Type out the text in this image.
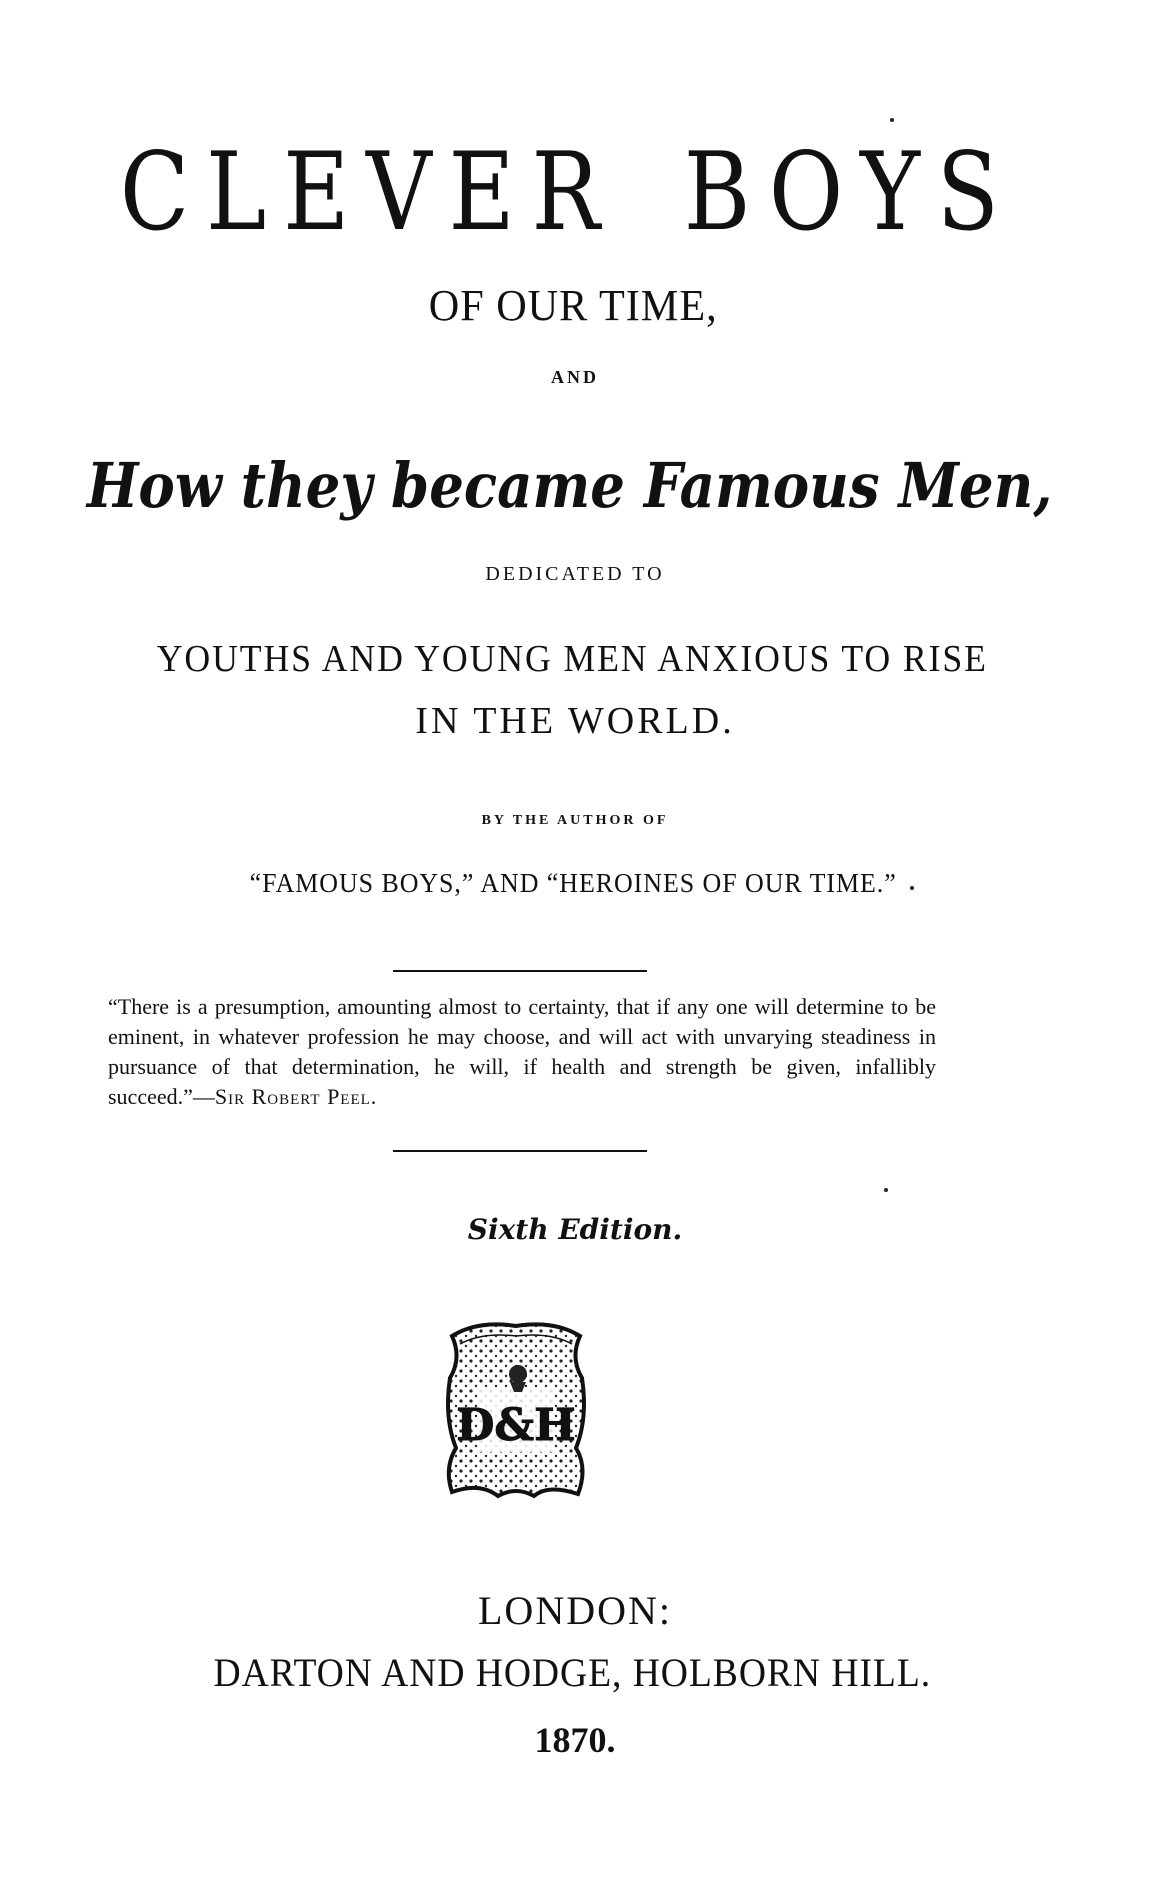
CLEVER BOYS
OF OUR TIME,
AND
How they became Famous Men,
DEDICATED TO
YOUTHS AND YOUNG MEN ANXIOUS TO RISE
IN THE WORLD.
BY THE AUTHOR OF
“FAMOUS BOYS,” AND “HEROINES OF OUR TIME.”
“There is a presumption, amounting almost to certainty, that if any one will determine to be eminent, in whatever profession he may choose, and will act with unvarying steadiness in pursuance of that determination, he will, if health and strength be given, infallibly succeed.”—Sir Robert Peel.
Sixth Edition.
D&H
LONDON:
DARTON AND HODGE, HOLBORN HILL.
1870.
